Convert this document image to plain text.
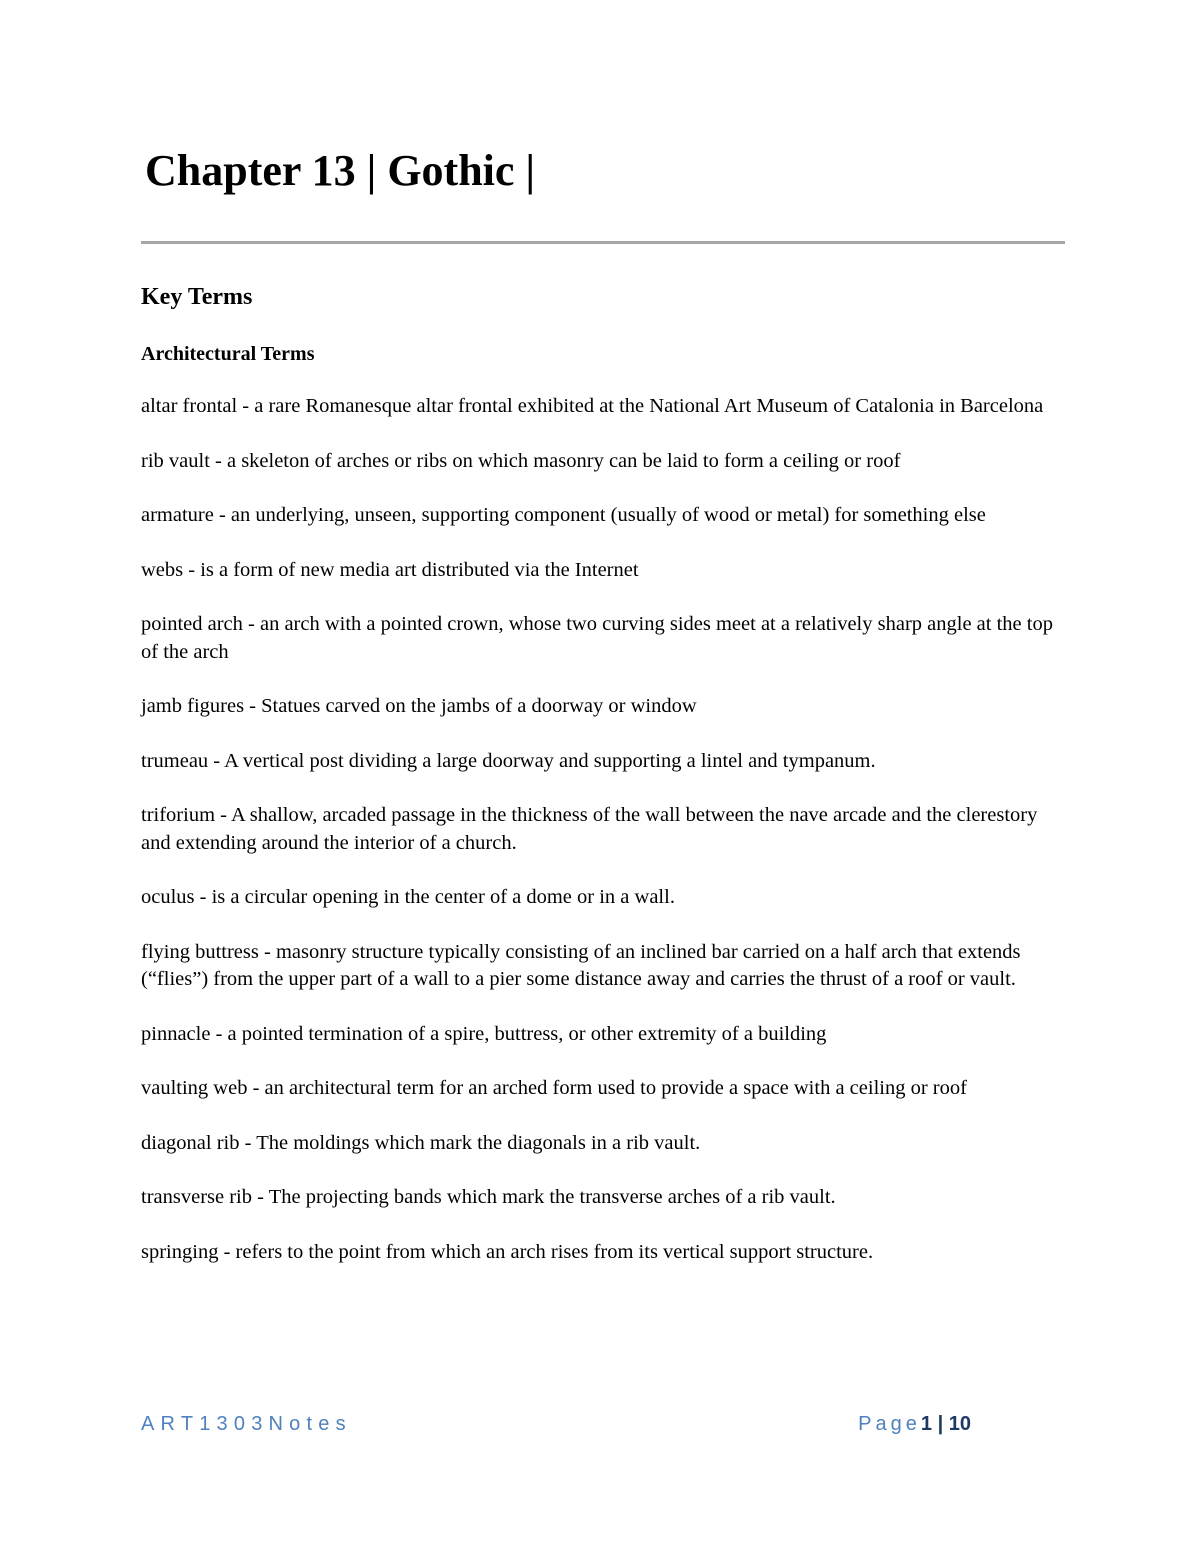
Chapter 13 | Gothic |
Key Terms
Architectural Terms
altar frontal - a rare Romanesque altar frontal exhibited at the National Art Museum of Catalonia in Barcelona
rib vault - a skeleton of arches or ribs on which masonry can be laid to form a ceiling or roof
armature - an underlying, unseen, supporting component (usually of wood or metal) for something else
webs - is a form of new media art distributed via the Internet
pointed arch - an arch with a pointed crown, whose two curving sides meet at a relatively sharp angle at the top of the arch
jamb figures - Statues carved on the jambs of a doorway or window
trumeau - A vertical post dividing a large doorway and supporting a lintel and tympanum.
triforium - A shallow, arcaded passage in the thickness of the wall between the nave arcade and the clerestory and extending around the interior of a church.
oculus - is a circular opening in the center of a dome or in a wall.
flying buttress - masonry structure typically consisting of an inclined bar carried on a half arch that extends (“flies”) from the upper part of a wall to a pier some distance away and carries the thrust of a roof or vault.
pinnacle - a pointed termination of a spire, buttress, or other extremity of a building
vaulting web - an architectural term for an arched form used to provide a space with a ceiling or roof
diagonal rib - The moldings which mark the diagonals in a rib vault.
transverse rib - The projecting bands which mark the transverse arches of a rib vault.
springing - refers to the point from which an arch rises from its vertical support structure.
ART1303Notes	Page1 | 10
